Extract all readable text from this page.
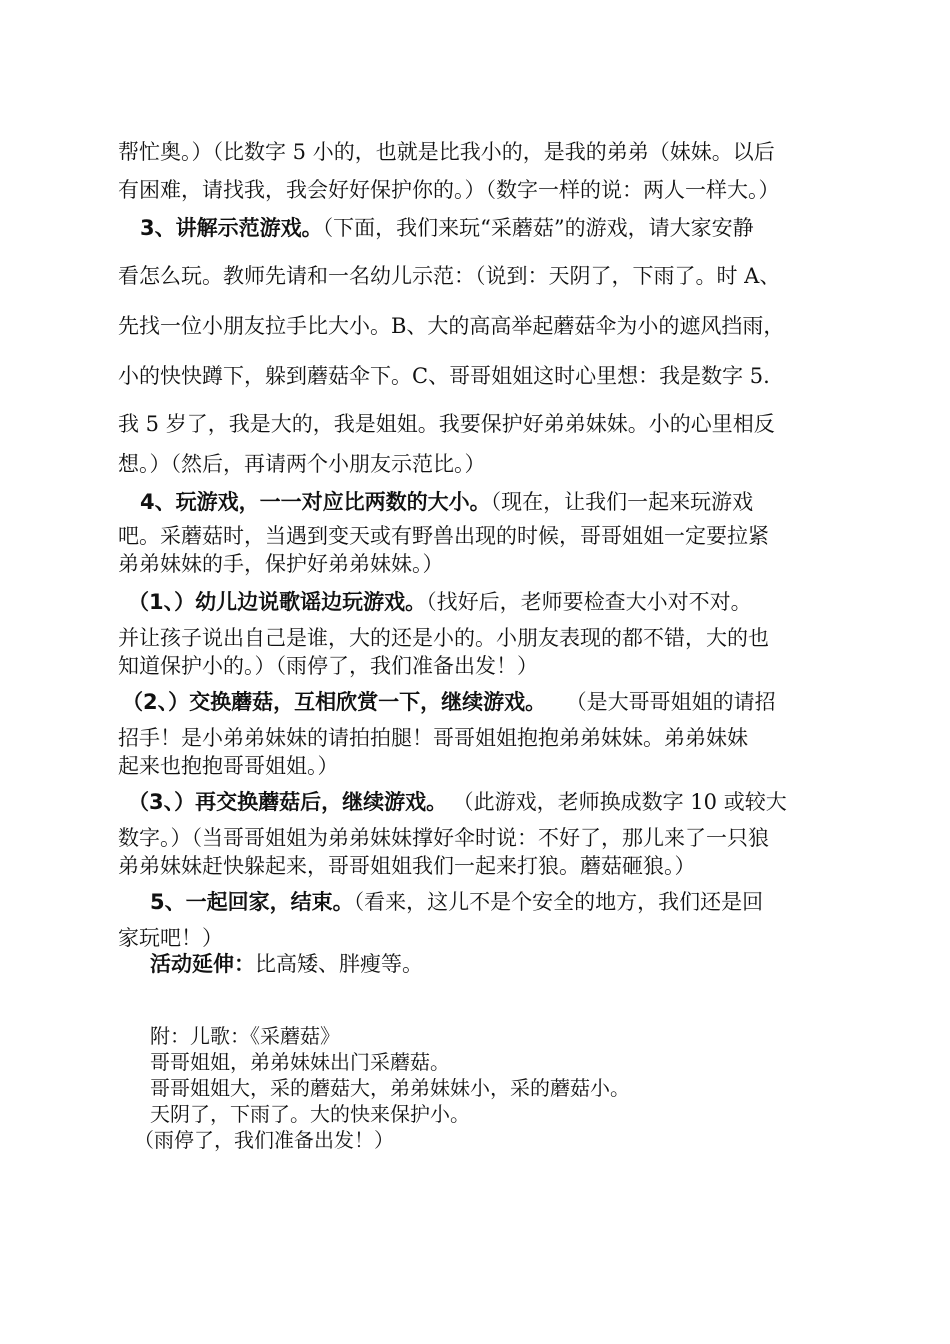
帮忙奥。）（比数字 5 小的，也就是比我小的，是我的弟弟（妹妹。以后
有困难，请找我，我会好好保护你的。）（数字一样的说：两人一样大。）
3、讲解示范游戏。（下面，我们来玩“采蘑菇”的游戏，请大家安静
看怎么玩。教师先请和一名幼儿示范：（说到：天阴了，下雨了。时 A、
先找一位小朋友拉手比大小。B、大的高高举起蘑菇伞为小的遮风挡雨，
小的快快蹲下，躲到蘑菇伞下。C、哥哥姐姐这时心里想：我是数字 5.
我 5 岁了，我是大的，我是姐姐。我要保护好弟弟妹妹。小的心里相反
想。）（然后，再请两个小朋友示范比。）
4、玩游戏，一一对应比两数的大小。（现在，让我们一起来玩游戏
吧。采蘑菇时，当遇到变天或有野兽出现的时候，哥哥姐姐一定要拉紧
弟弟妹妹的手，保护好弟弟妹妹。）
（1、）幼儿边说歌谣边玩游戏。（找好后，老师要检查大小对不对。
并让孩子说出自己是谁，大的还是小的。小朋友表现的都不错，大的也
知道保护小的。）（雨停了，我们准备出发！）
（2、）交换蘑菇，互相欣赏一下，继续游戏。 （是大哥哥姐姐的请招
招手！是小弟弟妹妹的请拍拍腿！哥哥姐姐抱抱弟弟妹妹。弟弟妹妹
起来也抱抱哥哥姐姐。）
（3、）再交换蘑菇后，继续游戏。 （此游戏，老师换成数字 10 或较大
数字。）（当哥哥姐姐为弟弟妹妹撑好伞时说：不好了，那儿来了一只狼
弟弟妹妹赶快躲起来，哥哥姐姐我们一起来打狼。蘑菇砸狼。）
5、一起回家，结束。（看来，这儿不是个安全的地方，我们还是回
家玩吧！）
活动延伸：比高矮、胖瘦等。
附：儿歌：《采蘑菇》
哥哥姐姐，弟弟妹妹出门采蘑菇。
哥哥姐姐大，采的蘑菇大，弟弟妹妹小，采的蘑菇小。
天阴了，下雨了。大的快来保护小。
（雨停了，我们准备出发！）
